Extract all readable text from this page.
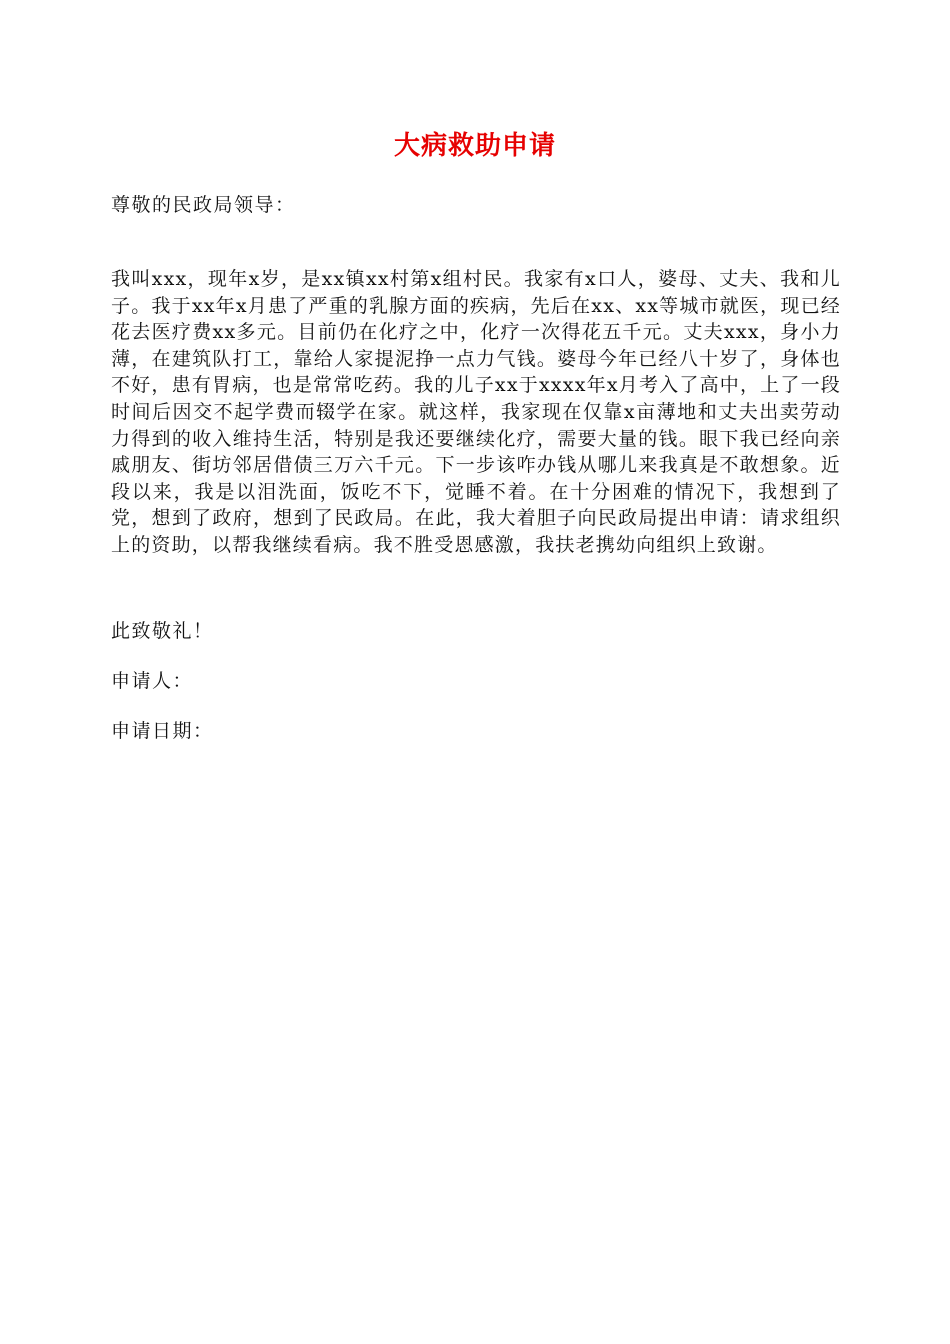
大病救助申请
尊敬的民政局领导：

我叫xxx，现年x岁，是xx镇xx村第x组村民。我家有x口人，婆母、丈夫、我和儿子。我于xx年x月患了严重的乳腺方面的疾病，先后在xx、xx等城市就医，现已经花去医疗费xx多元。目前仍在化疗之中，化疗一次得花五千元。丈夫xxx，身小力薄，在建筑队打工，靠给人家提泥挣一点力气钱。婆母今年已经八十岁了，身体也不好，患有胃病，也是常常吃药。我的儿子xx于xxxx年x月考入了高中，上了一段时间后因交不起学费而辍学在家。就这样，我家现在仅靠x亩薄地和丈夫出卖劳动力得到的收入维持生活，特别是我还要继续化疗，需要大量的钱。眼下我已经向亲戚朋友、街坊邻居借债三万六千元。下一步该咋办钱从哪儿来我真是不敢想象。近段以来，我是以泪洗面，饭吃不下，觉睡不着。在十分困难的情况下，我想到了党，想到了政府，想到了民政局。在此，我大着胆子向民政局提出申请：请求组织上的资助，以帮我继续看病。我不胜受恩感激，我扶老携幼向组织上致谢。

此致敬礼！
申请人：
申请日期：
